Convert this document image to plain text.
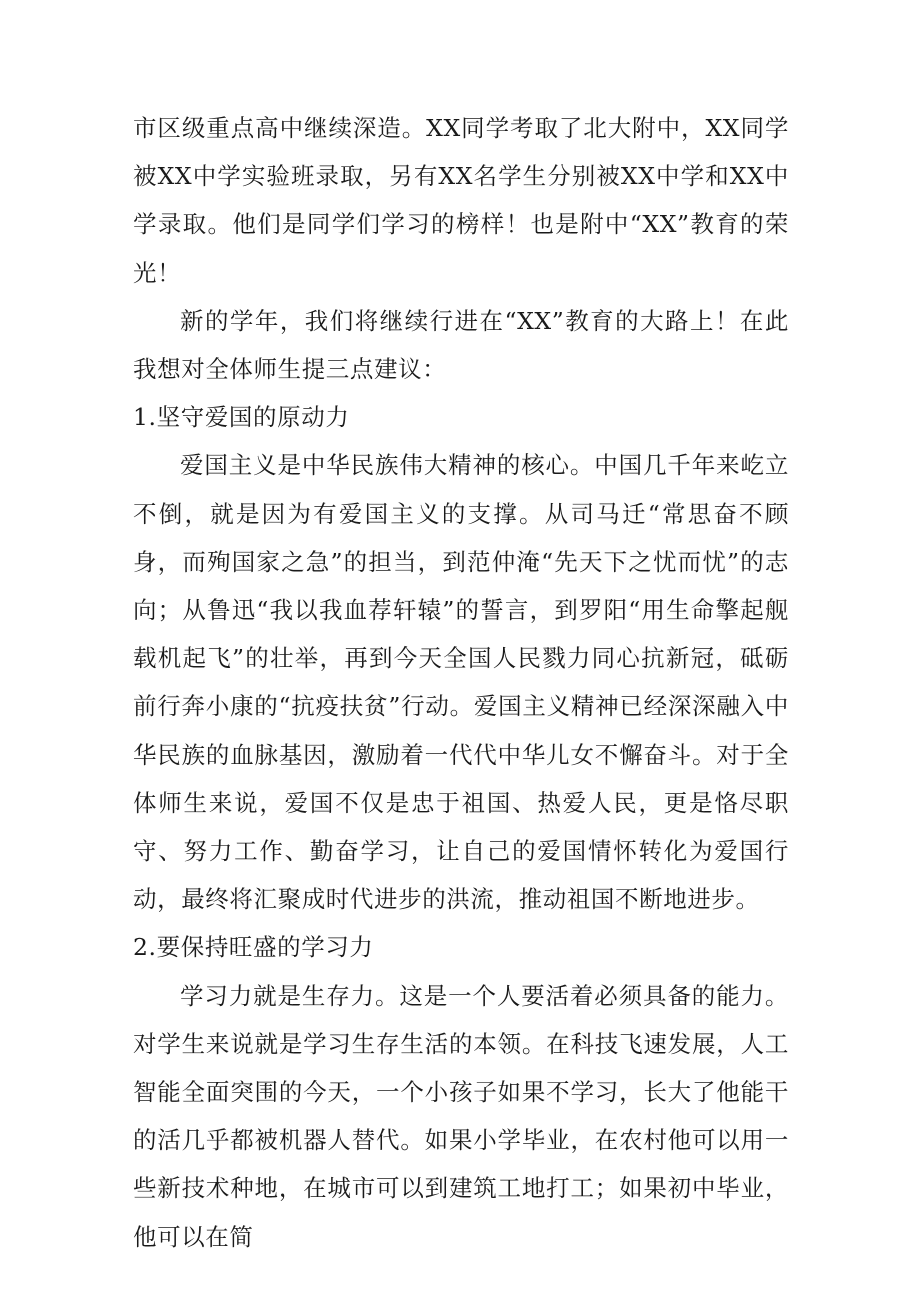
市区级重点高中继续深造。XX同学考取了北大附中，XX同学被XX中学实验班录取，另有XX名学生分别被XX中学和XX中学录取。他们是同学们学习的榜样！也是附中“XX”教育的荣光！

新的学年，我们将继续行进在“XX”教育的大路上！在此我想对全体师生提三点建议：

1.坚守爱国的原动力

爱国主义是中华民族伟大精神的核心。中国几千年来屹立不倒，就是因为有爱国主义的支撑。从司马迁“常思奋不顾身，而殉国家之急”的担当，到范仲淹“先天下之忧而忧”的志向；从鲁迅“我以我血荐轩辕”的誓言，到罗阳“用生命擎起舰载机起飞”的壮举，再到今天全国人民戮力同心抗新冠，砥砺前行奔小康的“抗疫扶贫”行动。爱国主义精神已经深深融入中华民族的血脉基因，激励着一代代中华儿女不懈奋斗。对于全体师生来说，爱国不仅是忠于祖国、热爱人民，更是恪尽职守、努力工作、勤奋学习，让自己的爱国情怀转化为爱国行动，最终将汇聚成时代进步的洪流，推动祖国不断地进步。

2.要保持旺盛的学习力

学习力就是生存力。这是一个人要活着必须具备的能力。对学生来说就是学习生存生活的本领。在科技飞速发展，人工智能全面突围的今天，一个小孩子如果不学习，长大了他能干的活几乎都被机器人替代。如果小学毕业，在农村他可以用一些新技术种地，在城市可以到建筑工地打工；如果初中毕业，他可以在简
